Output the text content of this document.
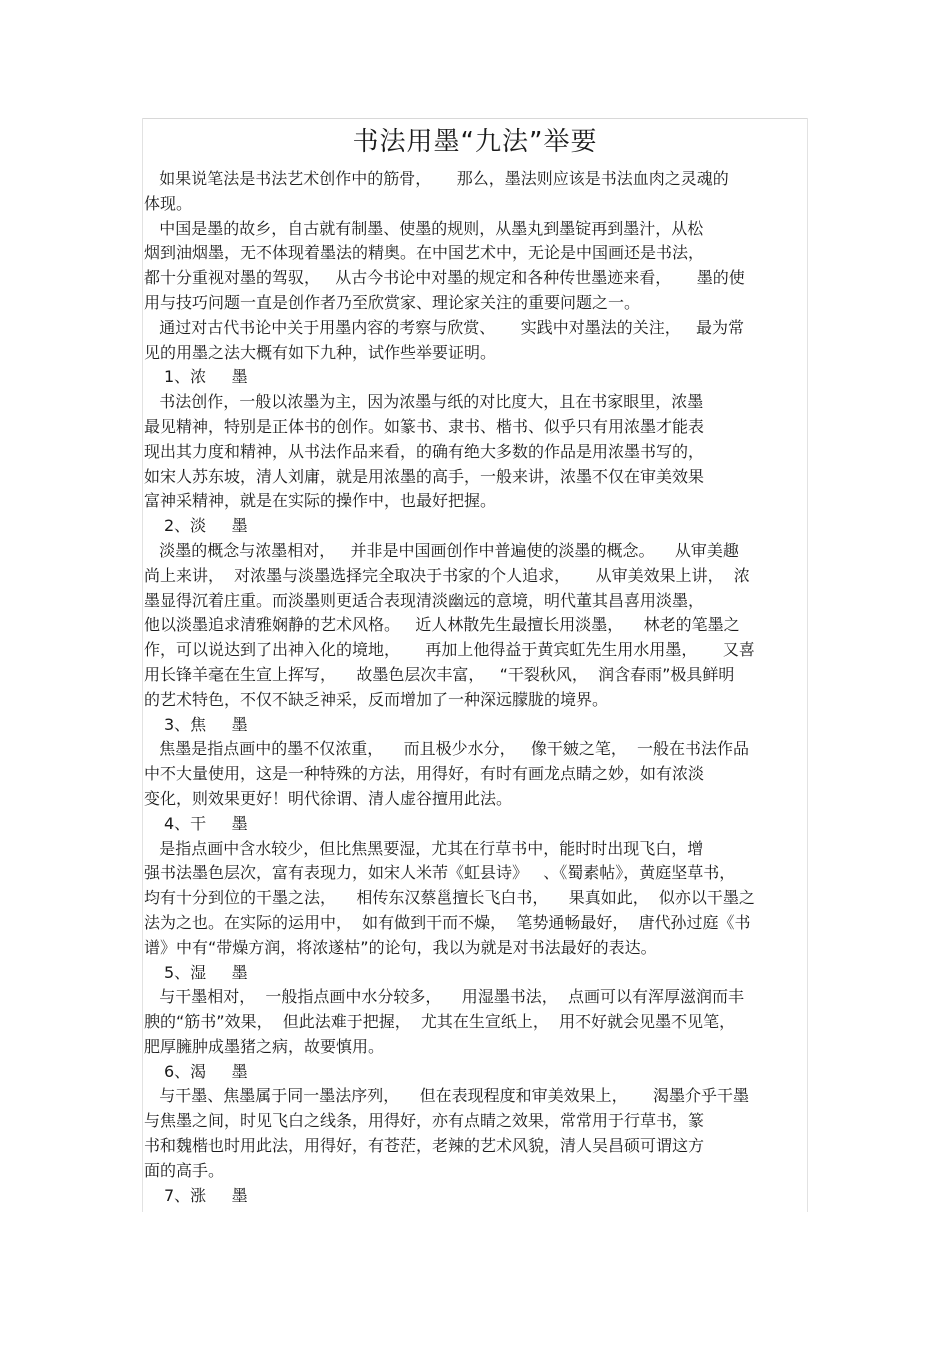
书法用墨“九法”举要
如果说笔法是书法艺术创作中的筋骨，     那么，墨法则应该是书法血肉之灵魂的
体现。
中国是墨的故乡，自古就有制墨、使墨的规则，从墨丸到墨锭再到墨汁，从松
烟到油烟墨，无不体现着墨法的精奥。在中国艺术中，无论是中国画还是书法，
都十分重视对墨的驾驭，   从古今书论中对墨的规定和各种传世墨迹来看，     墨的使
用与技巧问题一直是创作者乃至欣赏家、理论家关注的重要问题之一。
通过对古代书论中关于用墨内容的考察与欣赏、     实践中对墨法的关注，   最为常
见的用墨之法大概有如下九种，试作些举要证明。
1、浓     墨
书法创作，一般以浓墨为主，因为浓墨与纸的对比度大，且在书家眼里，浓墨
最见精神，特别是正体书的创作。如篆书、隶书、楷书、似乎只有用浓墨才能表
现出其力度和精神，从书法作品来看，的确有绝大多数的作品是用浓墨书写的，
如宋人苏东坡，清人刘庸，就是用浓墨的高手，一般来讲，浓墨不仅在审美效果
富神采精神，就是在实际的操作中，也最好把握。
2、淡     墨
淡墨的概念与浓墨相对，   并非是中国画创作中普遍使的淡墨的概念。    从审美趣
尚上来讲，  对浓墨与淡墨选择完全取决于书家的个人追求，     从审美效果上讲，  浓
墨显得沉着庄重。而淡墨则更适合表现清淡幽远的意境，明代董其昌喜用淡墨，
他以淡墨追求清雅娴静的艺术风格。   近人林散先生最擅长用淡墨，    林老的笔墨之
作，可以说达到了出神入化的境地，     再加上他得益于黄宾虹先生用水用墨，     又喜
用长锋羊毫在生宣上挥写，    故墨色层次丰富，   “干裂秋风，  润含春雨”极具鲜明
的艺术特色，不仅不缺乏神采，反而增加了一种深远朦胧的境界。
3、焦     墨
焦墨是指点画中的墨不仅浓重，    而且极少水分，   像干皴之笔，  一般在书法作品
中不大量使用，这是一种特殊的方法，用得好，有时有画龙点睛之妙，如有浓淡
变化，则效果更好！明代徐谓、清人虚谷擅用此法。
4、干     墨
是指点画中含水较少，但比焦黑要湿，尤其在行草书中，能时时出现飞白，增
强书法墨色层次，富有表现力，如宋人米芾《虹县诗》   、《蜀素帖》，黄庭坚草书，
均有十分到位的干墨之法，    相传东汉蔡邕擅长飞白书，    果真如此，  似亦以干墨之
法为之也。在实际的运用中，  如有做到干而不燥，  笔势通畅最好，  唐代孙过庭《书
谱》中有“带燥方润，将浓遂枯”的论句，我以为就是对书法最好的表达。
5、湿     墨
与干墨相对，  一般指点画中水分较多，    用湿墨书法，  点画可以有浑厚滋润而丰
腴的“筋书”效果，  但此法难于把握，  尤其在生宣纸上，  用不好就会见墨不见笔，
肥厚臃肿成墨猪之病，故要慎用。
6、渴     墨
与干墨、焦墨属于同一墨法序列，    但在表现程度和审美效果上，     渴墨介乎干墨
与焦墨之间，时见飞白之线条，用得好，亦有点睛之效果，常常用于行草书，篆
书和魏楷也时用此法，用得好，有苍茫，老辣的艺术风貌，清人吴昌硕可谓这方
面的高手。
7、涨     墨
